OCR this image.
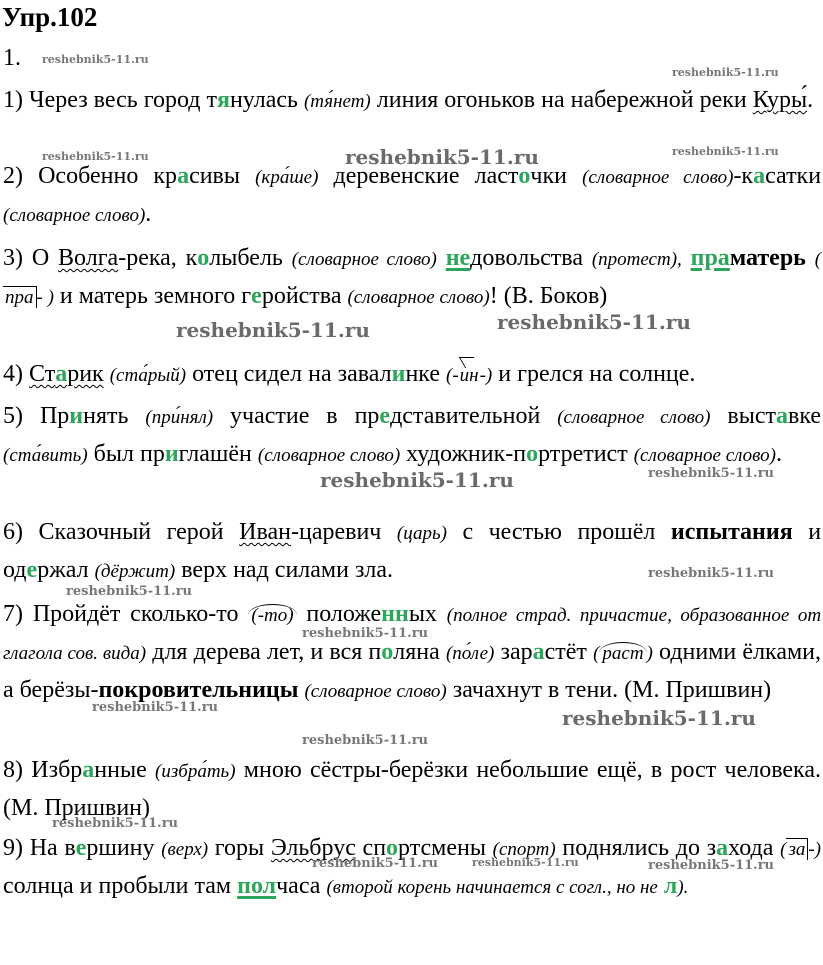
Упр.102
1.

1) Через весь город тянулась (тя́нет) линия огоньков на набережной реки Куры́.

2) Особенно красивы (кра́ше) деревенские ласточки (словарное слово)-касатки (словарное слово).

3) О Волга-река, колыбель (словарное слово) недовольства (протест), праматерь ( пра - ) и матерь земного геройства (словарное слово)! (В. Боков)

4) Старик (ста́рый) отец сидел на завалинке (-ин-) и грелся на солнце.

5) Принять (при́нял) участие в представительной (словарное слово) выставке (ста́вить) был приглашён (словарное слово) художник-портретист (словарное слово).

6) Сказочный герой Иван-царевич (царь) с честью прошёл испытания и одержал (дёржит) верх над силами зла.

7) Пройдёт сколько-то (-то) положенных (полное страд. причастие, образованное от глагола сов. вида) для дерева лет, и вся поляна (по́ле) зарастёт ( раст ) одними ёлками, а берёзы-покровительницы (словарное слово) зачахнут в тени. (М. Пришвин)

8) Избранные (избра́ть) мною сёстры-берёзки небольшие ещё, в рост человека. (М. Пришвин)

9) На вершину (верх) горы Эльбрус спортсмены (спорт) поднялись до захода ( за -) солнца и пробыли там полчаса (второй корень начинается с согл., но не л).

reshebnik5-11.ru
reshebnik5-11.ru
reshebnik5-11.ru	reshebnik5-11.ru	reshebnik5-11.ru
reshebnik5-11.ru	reshebnik5-11.ru
reshebnik5-11.ru	reshebnik5-11.ru
reshebnik5-11.ru
reshebnik5-11.ru
reshebnik5-11.ru
reshebnik5-11.ru	reshebnik5-11.ru
reshebnik5-11.ru
reshebnik5-11.ru
reshebnik5-11.ru	reshebnik5-11.ru	reshebnik5-11.ru
